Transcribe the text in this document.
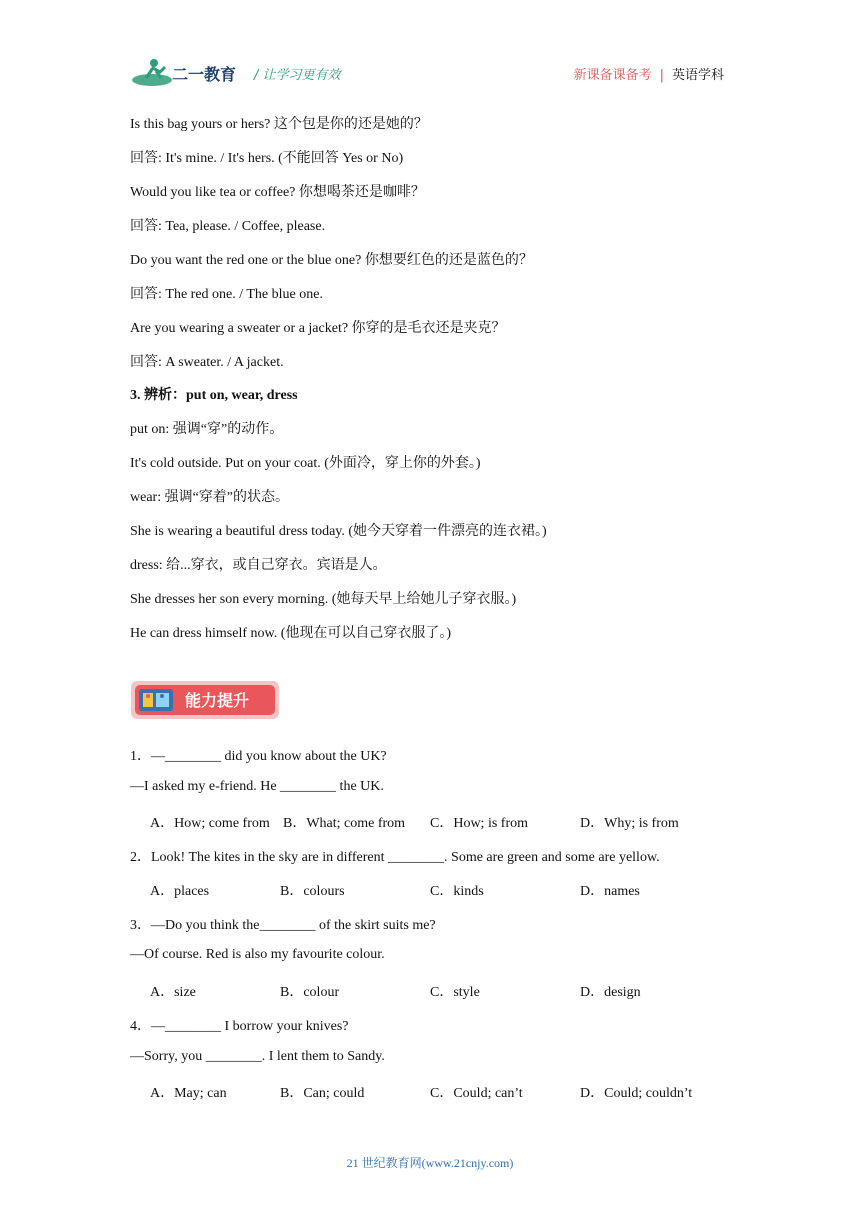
二一教育 / 让学习更有效	新课备课备考 | 英语学科
Is this bag yours or hers? 这个包是你的还是她的？
回答: It's mine. / It's hers. (不能回答 Yes or No)
Would you like tea or coffee? 你想喝茶还是咖啡？
回答: Tea, please. / Coffee, please.
Do you want the red one or the blue one? 你想要红色的还是蓝色的？
回答: The red one. / The blue one.
Are you wearing a sweater or a jacket? 你穿的是毛衣还是夹克？
回答: A sweater. / A jacket.
3. 辨析：put on, wear, dress
put on: 强调“穿”的动作。
It's cold outside. Put on your coat. (外面冷，穿上你的外套。)
wear: 强调“穿着”的状态。
She is wearing a beautiful dress today. (她今天穿着一件漂亮的连衣裙。)
dress: 给...穿衣，或自己穿衣。宾语是人。
She dresses her son every morning. (她每天早上给她儿子穿衣服。)
He can dress himself now. (他现在可以自己穿衣服了。)
能力提升
1．—________ did you know about the UK?
—I asked my e-friend. He ________ the UK.
A．How; come from B．What; come from C．How; is from	D．Why; is from
2．Look! The kites in the sky are in different ________. Some are green and some are yellow.
A．places	B．colours	C．kinds	D．names
3．—Do you think the________ of the skirt suits me?
—Of course. Red is also my favourite colour.
A．size	B．colour	C．style	D．design
4．—________ I borrow your knives?
—Sorry, you ________. I lent them to Sandy.
A．May; can	B．Can; could	C．Could; can’t	D．Could; couldn’t
21 世纪教育网(www.21cnjy.com)
